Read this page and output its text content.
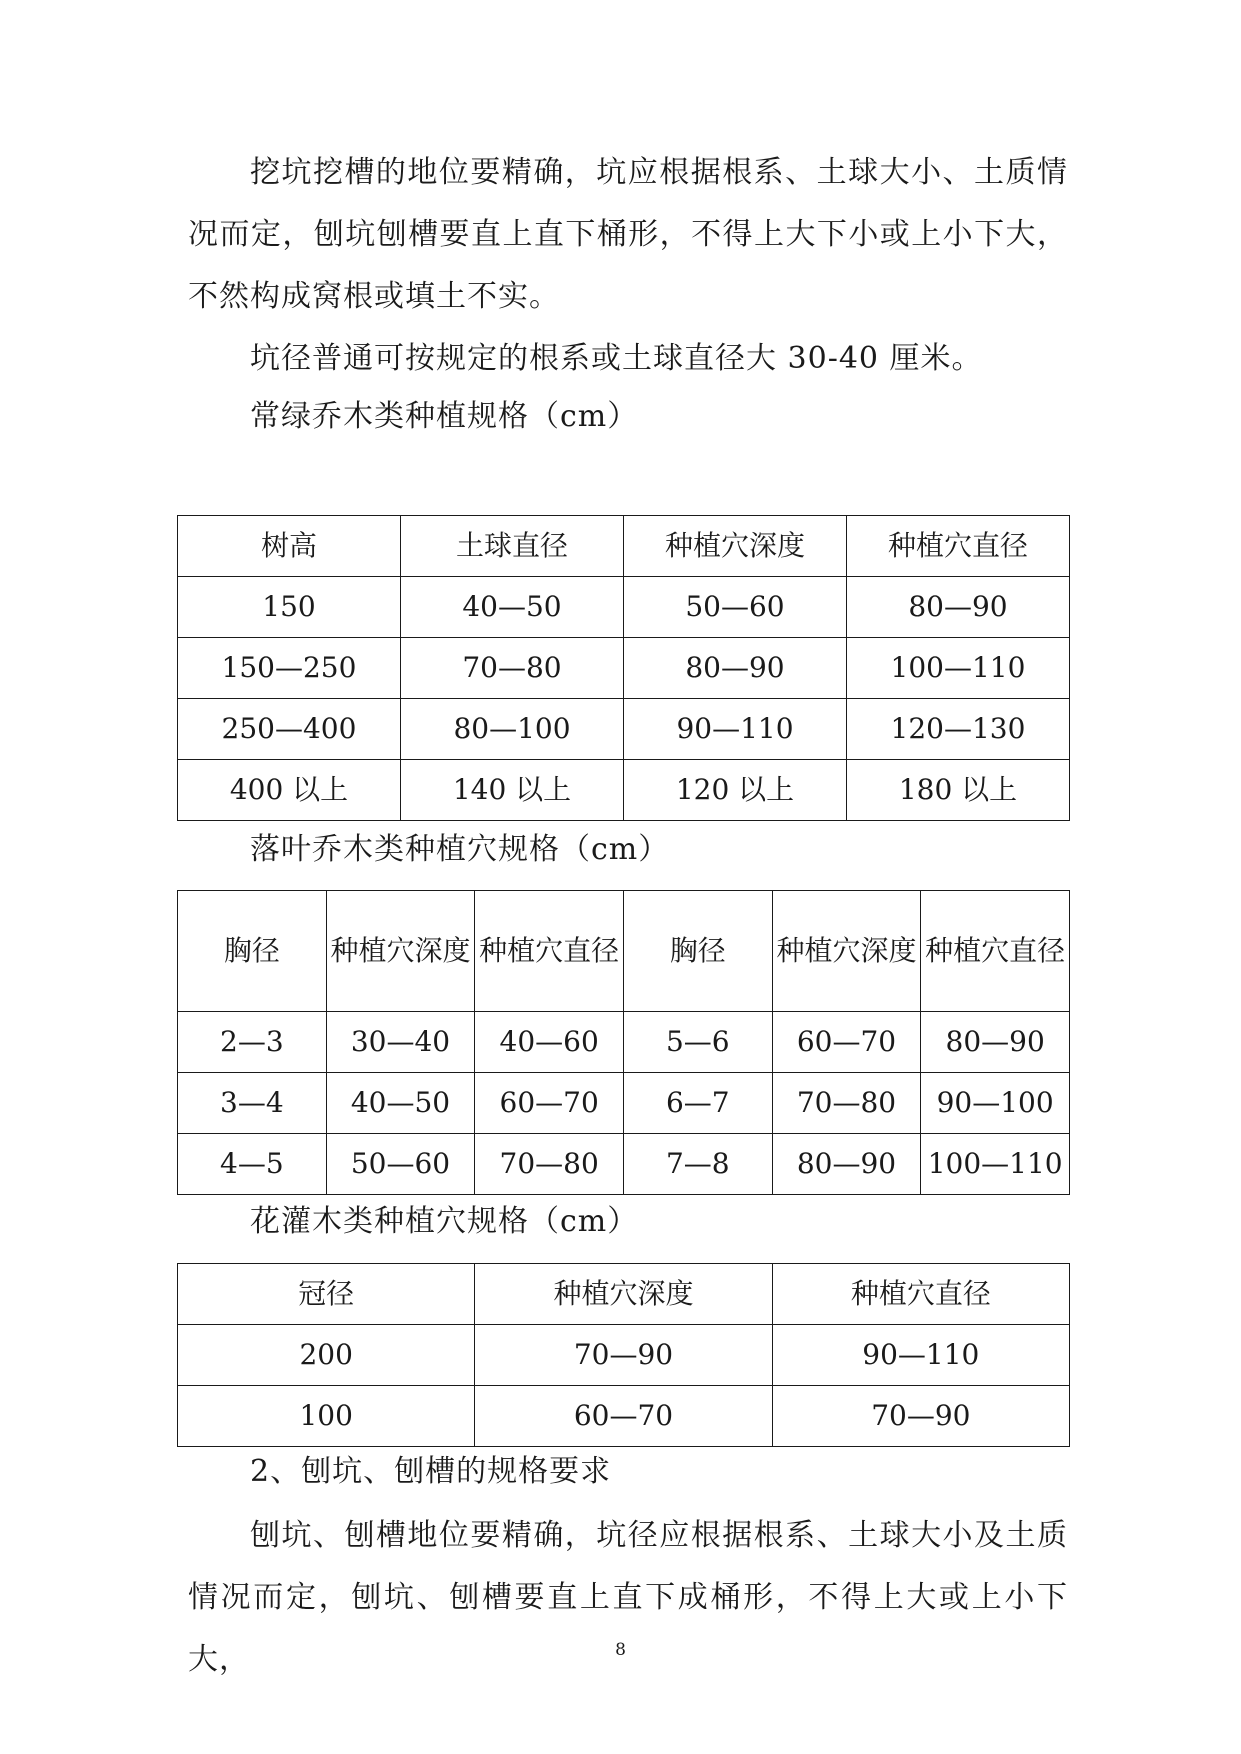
挖坑挖槽的地位要精确，坑应根据根系、土球大小、土质情况而定，刨坑刨槽要直上直下桶形，不得上大下小或上小下大，不然构成窝根或填土不实。
坑径普通可按规定的根系或土球直径大 30-40 厘米。
常绿乔木类种植规格（cm）
树高	土球直径	种植穴深度	种植穴直径
150	40—50	50—60	80—90
150—250	70—80	80—90	100—110
250—400	80—100	90—110	120—130
400 以上	140 以上	120 以上	180 以上
落叶乔木类种植穴规格（cm）
胸径	种植穴深度	种植穴直径	胸径	种植穴深度	种植穴直径
2—3	30—40	40—60	5—6	60—70	80—90
3—4	40—50	60—70	6—7	70—80	90—100
4—5	50—60	70—80	7—8	80—90	100—110
花灌木类种植穴规格（cm）
冠径	种植穴深度	种植穴直径
200	70—90	90—110
100	60—70	70—90
2、刨坑、刨槽的规格要求
刨坑、刨槽地位要精确，坑径应根据根系、土球大小及土质情况而定，刨坑、刨槽要直上直下成桶形，不得上大或上小下大，	8
